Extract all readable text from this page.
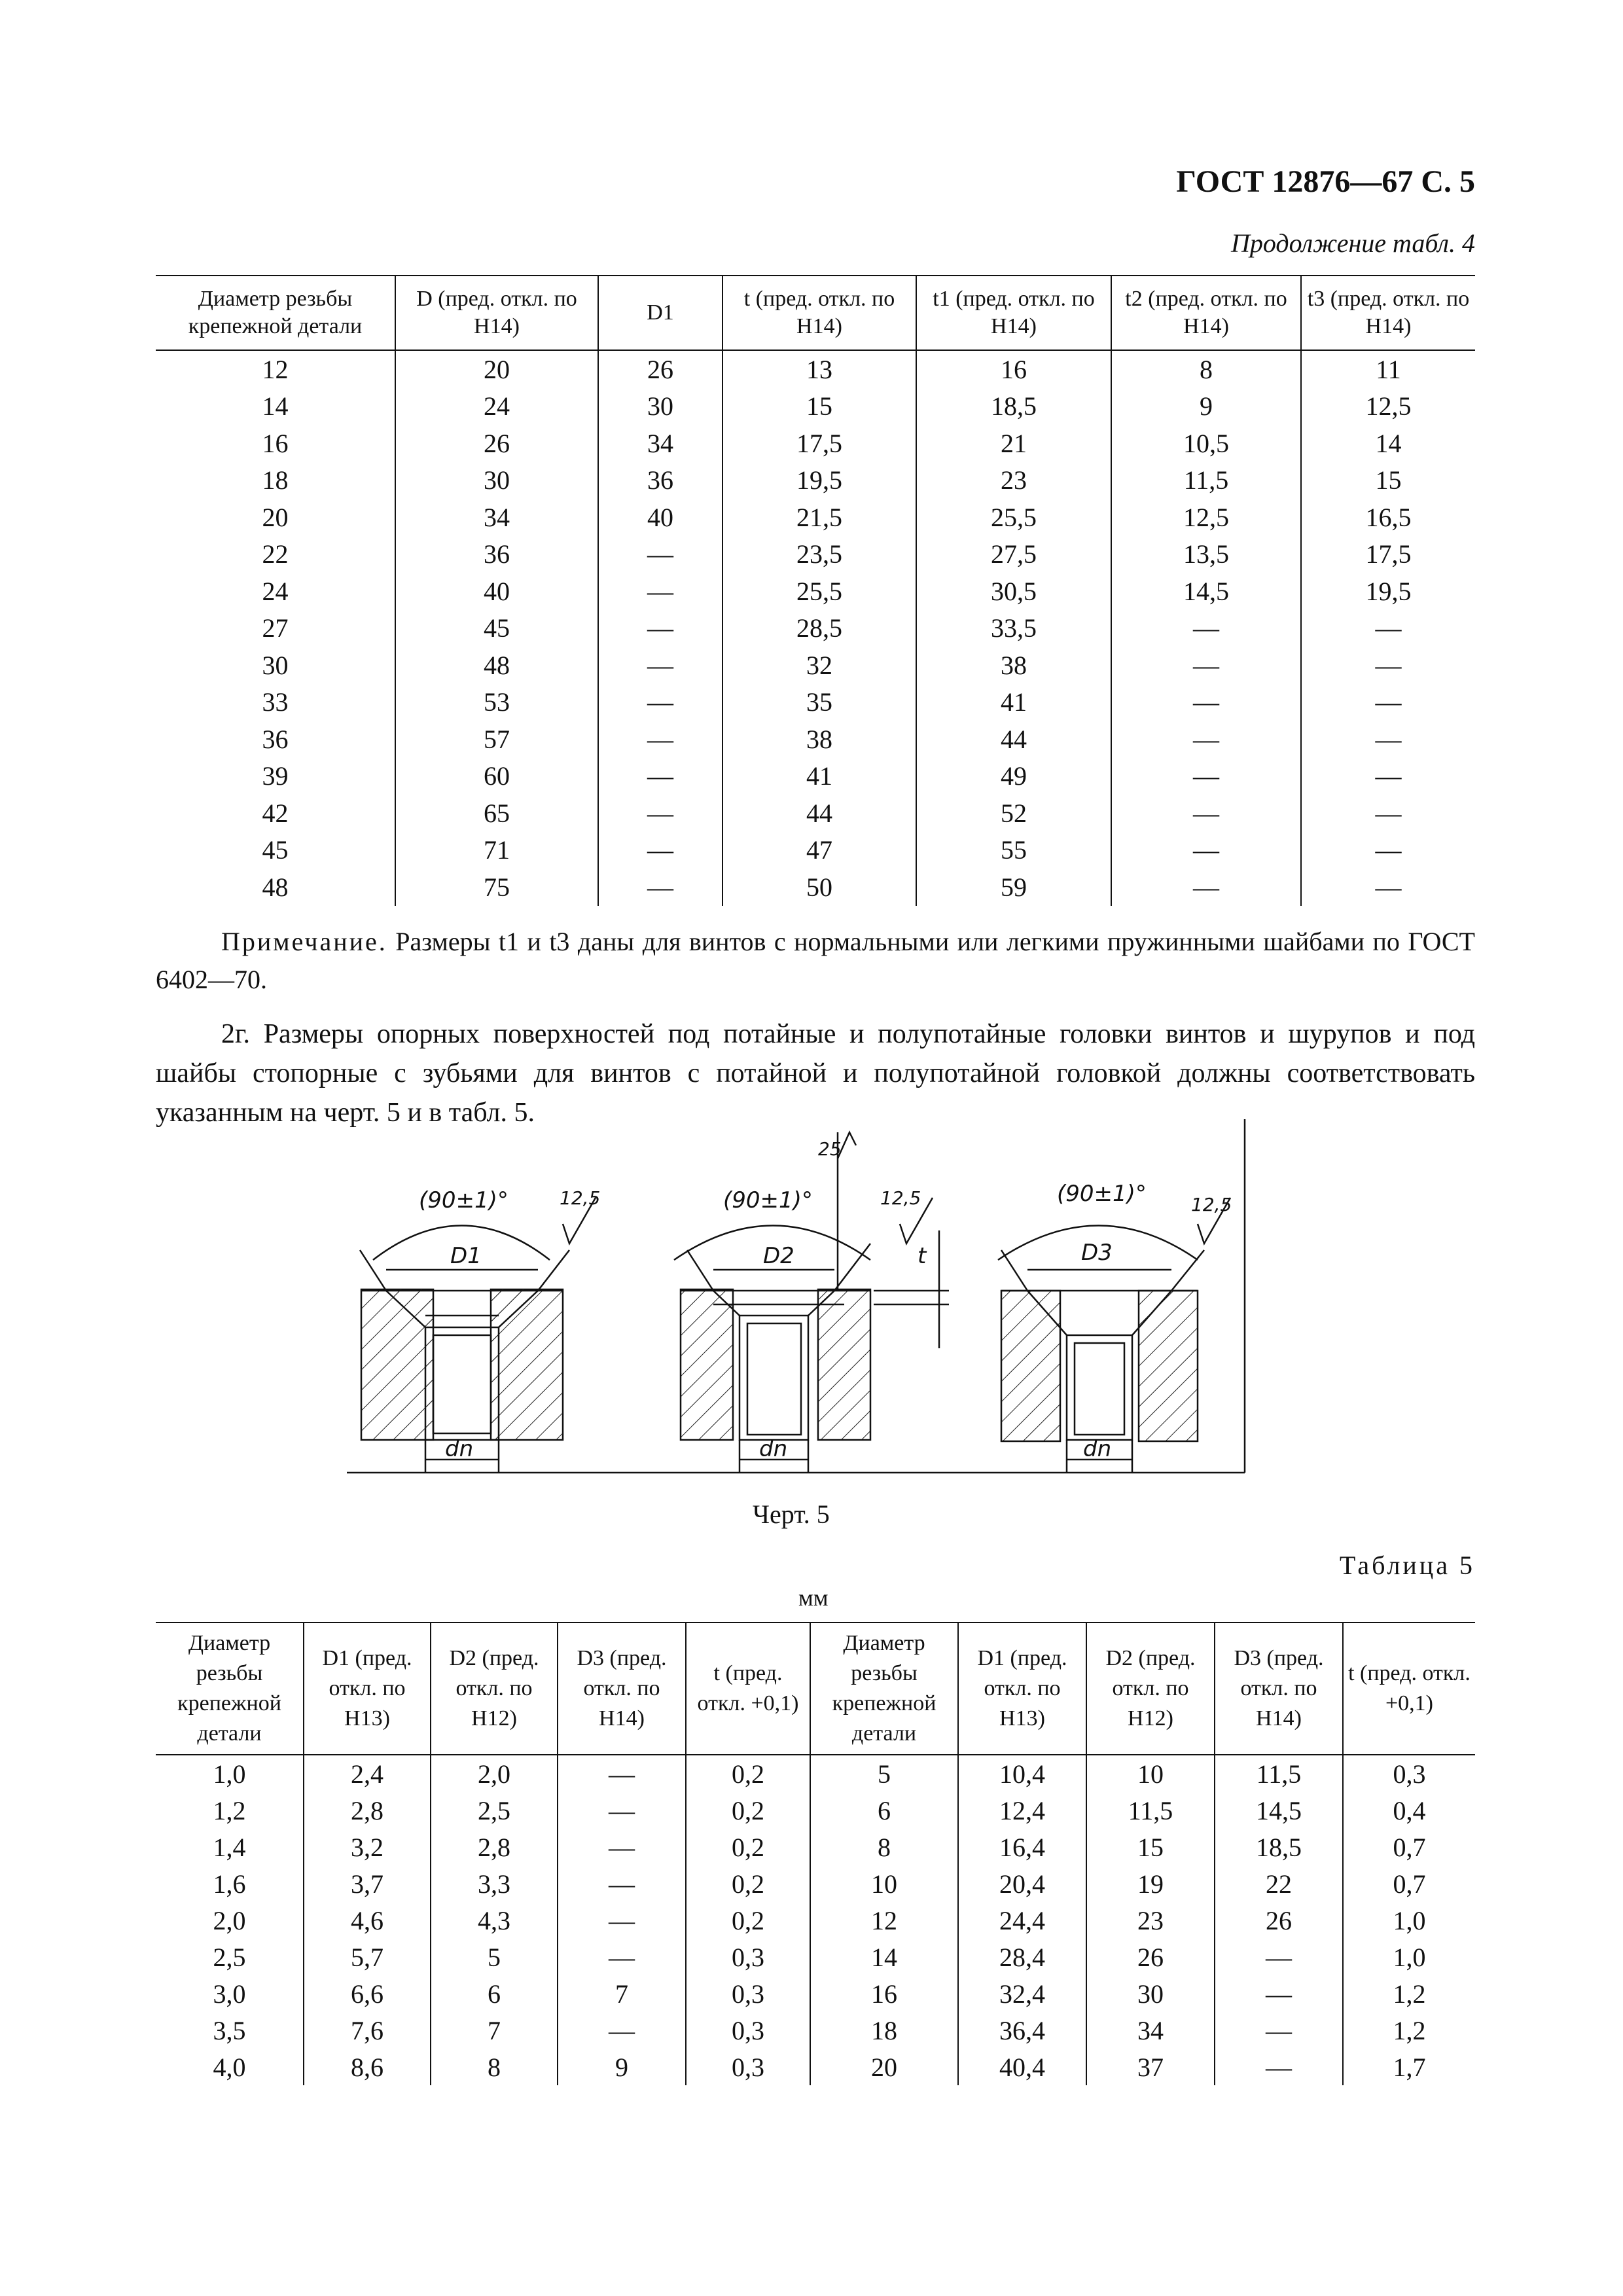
ГОСТ 12876—67 С. 5
Продолжение табл. 4
Диаметр резьбы крепежной детали	D (пред. откл. по Н14)	D1	t (пред. откл. по Н14)	t1 (пред. откл. по Н14)	t2 (пред. откл. по Н14)	t3 (пред. откл. по Н14)
12	20	26	13	16	8	11
14	24	30	15	18,5	9	12,5
16	26	34	17,5	21	10,5	14
18	30	36	19,5	23	11,5	15
20	34	40	21,5	25,5	12,5	16,5
22	36	—	23,5	27,5	13,5	17,5
24	40	—	25,5	30,5	14,5	19,5
27	45	—	28,5	33,5	—	—
30	48	—	32	38	—	—
33	53	—	35	41	—	—
36	57	—	38	44	—	—
39	60	—	41	49	—	—
42	65	—	44	52	—	—
45	71	—	47	55	—	—
48	75	—	50	59	—	—
Примечание. Размеры t1 и t3 даны для винтов с нормальными или легкими пружинными шайбами по ГОСТ 6402—70.
2г. Размеры опорных поверхностей под потайные и полупотайные головки винтов и шурупов и под шайбы стопорные с зубьями для винтов с потайной и полупотайной головкой должны соответствовать указанным на черт. 5 и в табл. 5.
(90±1)°	(90±1)°	(90±1)°
12,5	12,5	12,5
25
D1	D2	D3
dn	dn	dn
t
Черт. 5
Таблица 5
мм
Диаметр резьбы крепежной детали	D1 (пред. откл. по Н13)	D2 (пред. откл. по Н12)	D3 (пред. откл. по Н14)	t (пред. откл. +0,1)	Диаметр резьбы крепежной детали	D1 (пред. откл. по Н13)	D2 (пред. откл. по Н12)	D3 (пред. откл. по Н14)	t (пред. откл. +0,1)
1,0	2,4	2,0	—	0,2	5	10,4	10	11,5	0,3
1,2	2,8	2,5	—	0,2	6	12,4	11,5	14,5	0,4
1,4	3,2	2,8	—	0,2	8	16,4	15	18,5	0,7
1,6	3,7	3,3	—	0,2	10	20,4	19	22	0,7
2,0	4,6	4,3	—	0,2	12	24,4	23	26	1,0
2,5	5,7	5	—	0,3	14	28,4	26	—	1,0
3,0	6,6	6	7	0,3	16	32,4	30	—	1,2
3,5	7,6	7	—	0,3	18	36,4	34	—	1,2
4,0	8,6	8	9	0,3	20	40,4	37	—	1,7
